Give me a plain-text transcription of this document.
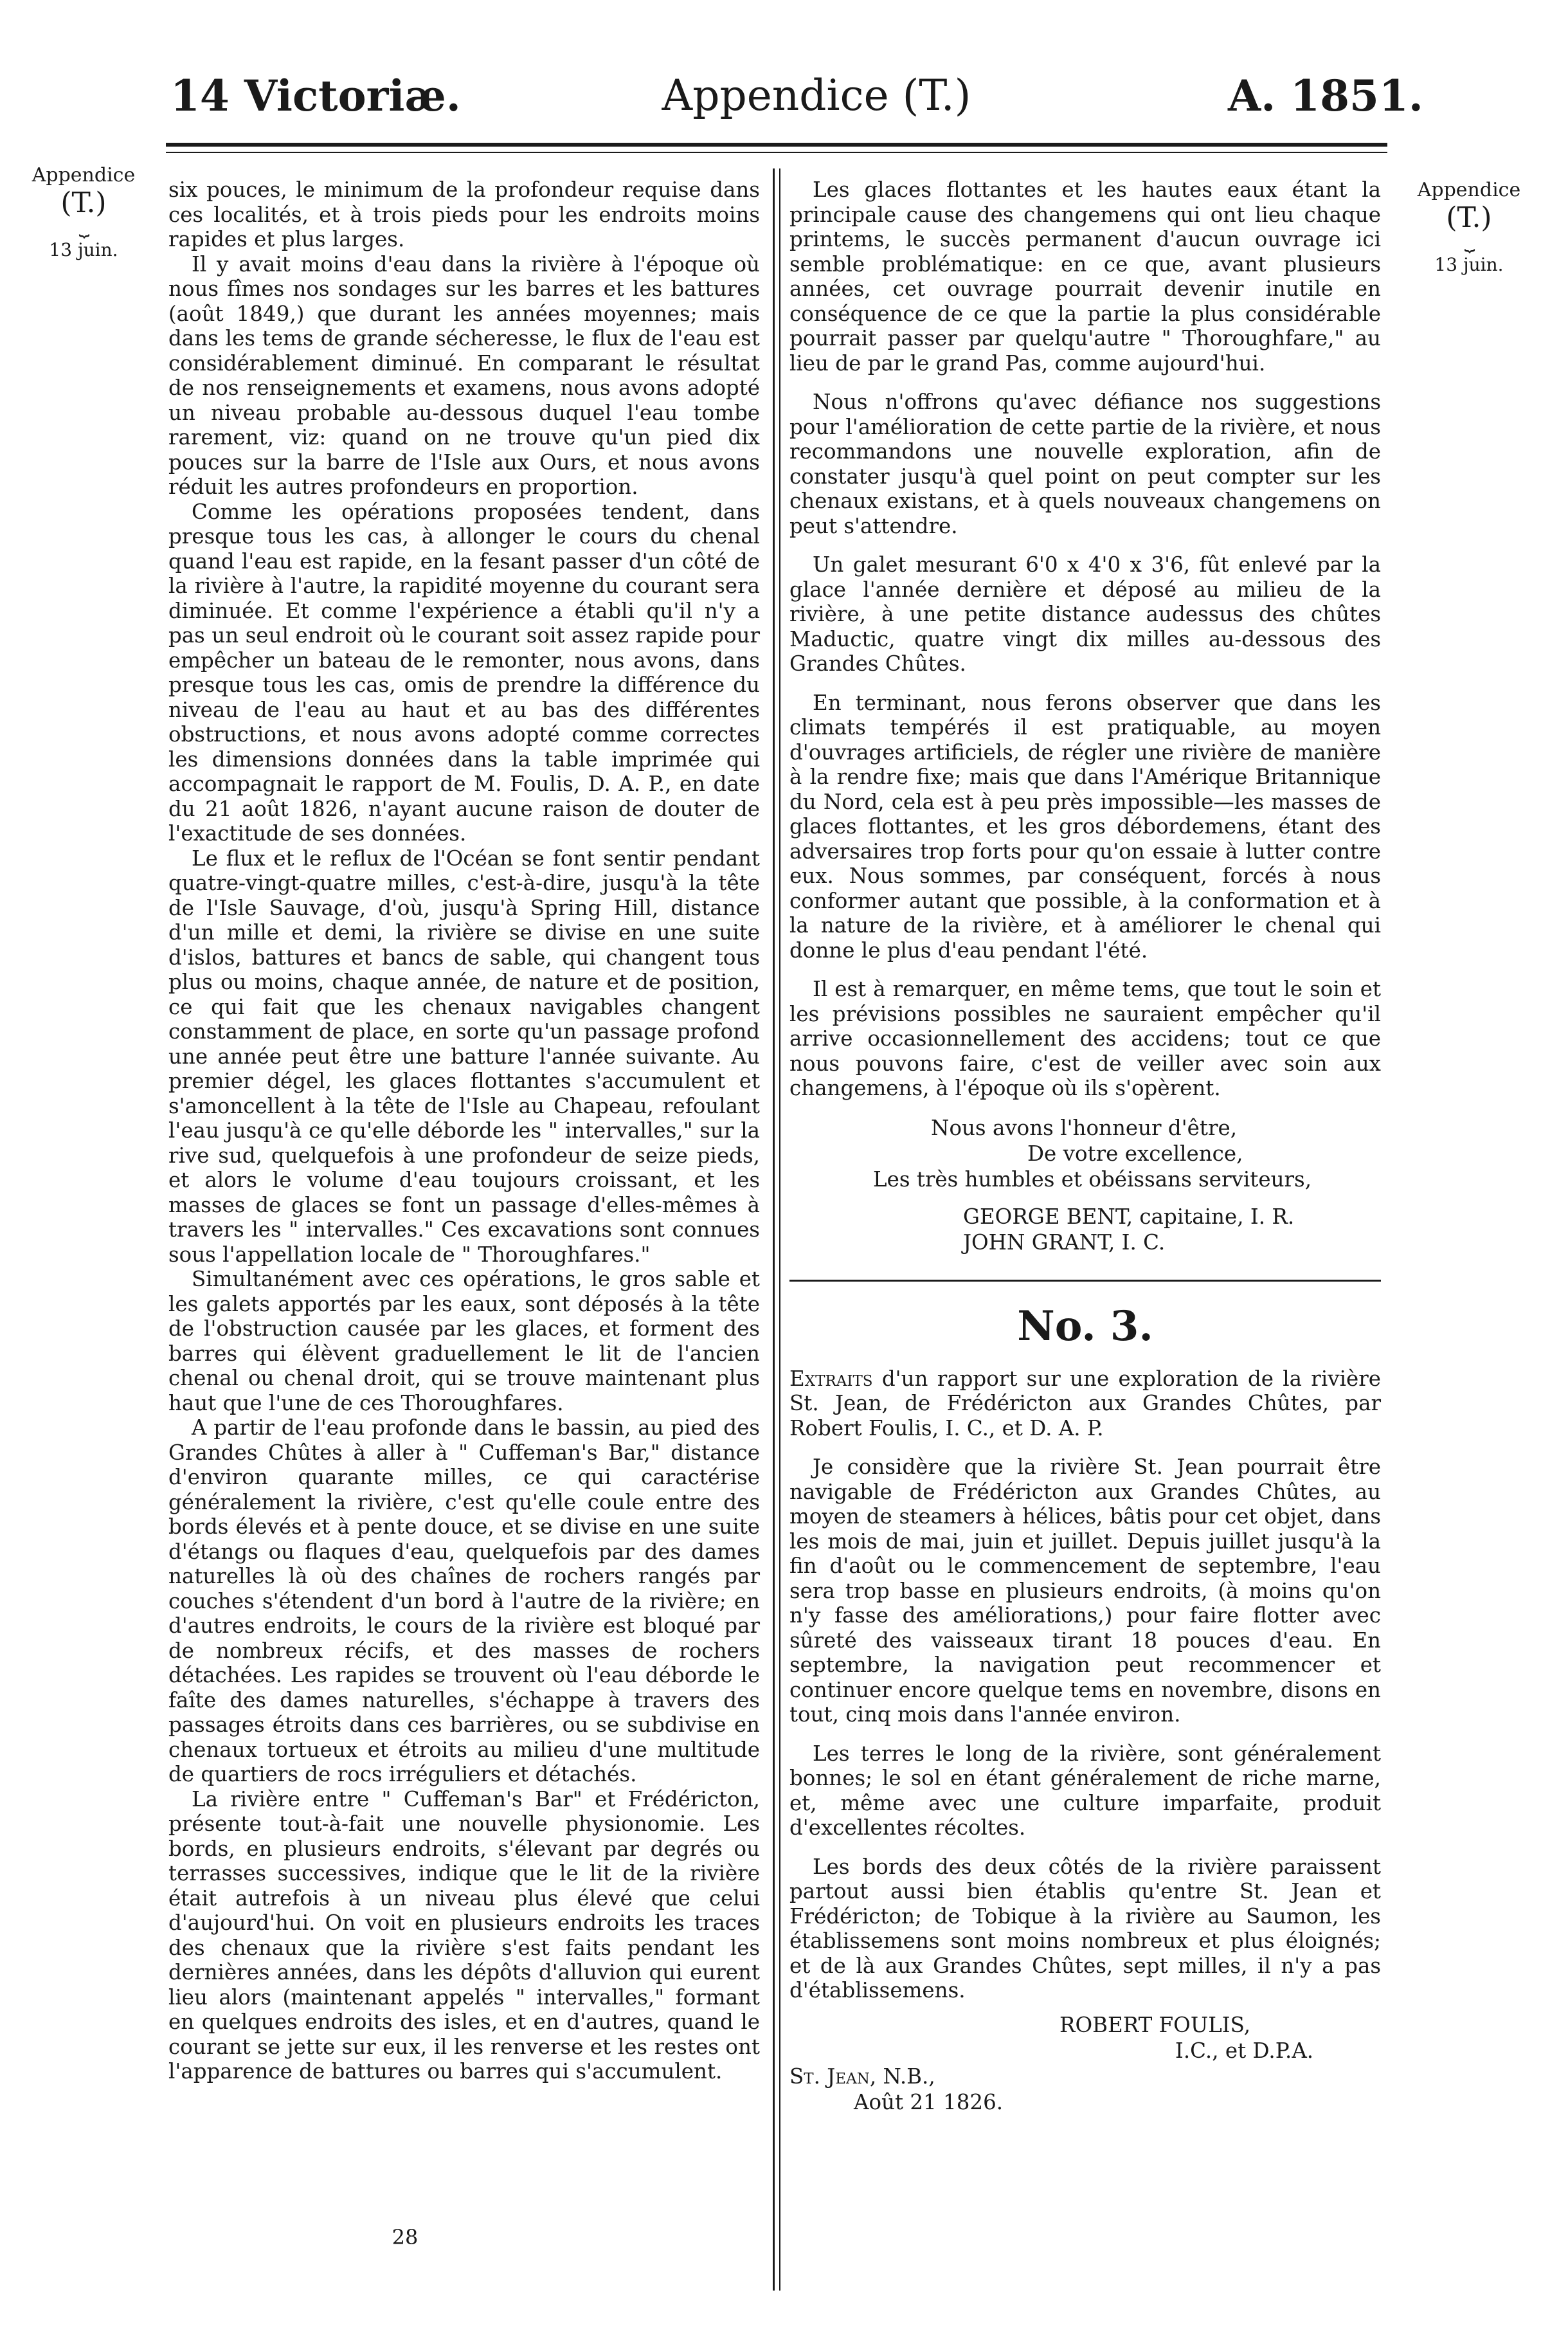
14 Victoriæ.	Appendice (T.)	A. 1851.
Appendice
(T.)
⏟
13 juin.
Appendice
(T.)
⏟
13 juin.

six pouces, le minimum de la profondeur requise dans ces localités, et à trois pieds pour les endroits moins rapides et plus larges.

Il y avait moins d'eau dans la rivière à l'époque où nous fîmes nos sondages sur les barres et les battures (août 1849,) que durant les années moyennes; mais dans les tems de grande sécheresse, le flux de l'eau est considérablement diminué. En comparant le résultat de nos renseignements et examens, nous avons adopté un niveau probable au-dessous duquel l'eau tombe rarement, viz: quand on ne trouve qu'un pied dix pouces sur la barre de l'Isle aux Ours, et nous avons réduit les autres profondeurs en proportion.

Comme les opérations proposées tendent, dans presque tous les cas, à allonger le cours du chenal quand l'eau est rapide, en la fesant passer d'un côté de la rivière à l'autre, la rapidité moyenne du courant sera diminuée. Et comme l'expérience a établi qu'il n'y a pas un seul endroit où le courant soit assez rapide pour empêcher un bateau de le remonter, nous avons, dans presque tous les cas, omis de prendre la différence du niveau de l'eau au haut et au bas des différentes obstructions, et nous avons adopté comme correctes les dimensions données dans la table imprimée qui accompagnait le rapport de M. Foulis, D. A. P., en date du 21 août 1826, n'ayant aucune raison de douter de l'exactitude de ses données.

Le flux et le reflux de l'Océan se font sentir pendant quatre-vingt-quatre milles, c'est-à-dire, jusqu'à la tête de l'Isle Sauvage, d'où, jusqu'à Spring Hill, distance d'un mille et demi, la rivière se divise en une suite d'islos, battures et bancs de sable, qui changent tous plus ou moins, chaque année, de nature et de position, ce qui fait que les chenaux navigables changent constamment de place, en sorte qu'un passage profond une année peut être une batture l'année suivante. Au premier dégel, les glaces flottantes s'accumulent et s'amoncellent à la tête de l'Isle au Chapeau, refoulant l'eau jusqu'à ce qu'elle déborde les " intervalles," sur la rive sud, quelquefois à une profondeur de seize pieds, et alors le volume d'eau toujours croissant, et les masses de glaces se font un passage d'elles-mêmes à travers les " intervalles." Ces excavations sont connues sous l'appellation locale de " Thoroughfares."

Simultanément avec ces opérations, le gros sable et les galets apportés par les eaux, sont déposés à la tête de l'obstruction causée par les glaces, et forment des barres qui élèvent graduellement le lit de l'ancien chenal ou chenal droit, qui se trouve maintenant plus haut que l'une de ces Thoroughfares.

A partir de l'eau profonde dans le bassin, au pied des Grandes Chûtes à aller à " Cuffeman's Bar," distance d'environ quarante milles, ce qui caractérise généralement la rivière, c'est qu'elle coule entre des bords élevés et à pente douce, et se divise en une suite d'étangs ou flaques d'eau, quelquefois par des dames naturelles là où des chaînes de rochers rangés par couches s'étendent d'un bord à l'autre de la rivière; en d'autres endroits, le cours de la rivière est bloqué par de nombreux récifs, et des masses de rochers détachées. Les rapides se trouvent où l'eau déborde le faîte des dames naturelles, s'échappe à travers des passages étroits dans ces barrières, ou se subdivise en chenaux tortueux et étroits au milieu d'une multitude de quartiers de rocs irréguliers et détachés.

La rivière entre " Cuffeman's Bar" et Frédéricton, présente tout-à-fait une nouvelle physionomie. Les bords, en plusieurs endroits, s'élevant par degrés ou terrasses successives, indique que le lit de la rivière était autrefois à un niveau plus élevé que celui d'aujourd'hui. On voit en plusieurs endroits les traces des chenaux que la rivière s'est faits pendant les dernières années, dans les dépôts d'alluvion qui eurent lieu alors (maintenant appelés " intervalles," formant en quelques endroits des isles, et en d'autres, quand le courant se jette sur eux, il les renverse et les restes ont l'apparence de battures ou barres qui s'accumulent.

Les glaces flottantes et les hautes eaux étant la principale cause des changemens qui ont lieu chaque printems, le succès permanent d'aucun ouvrage ici semble problématique: en ce que, avant plusieurs années, cet ouvrage pourrait devenir inutile en conséquence de ce que la partie la plus considérable pourrait passer par quelqu'autre " Thoroughfare," au lieu de par le grand Pas, comme aujourd'hui.

Nous n'offrons qu'avec défiance nos suggestions pour l'amélioration de cette partie de la rivière, et nous recommandons une nouvelle exploration, afin de constater jusqu'à quel point on peut compter sur les chenaux existans, et à quels nouveaux changemens on peut s'attendre.

Un galet mesurant 6'0 x 4'0 x 3'6, fût enlevé par la glace l'année dernière et déposé au milieu de la rivière, à une petite distance audessus des chûtes Maductic, quatre vingt dix milles au-dessous des Grandes Chûtes.

En terminant, nous ferons observer que dans les climats tempérés il est pratiquable, au moyen d'ouvrages artificiels, de régler une rivière de manière à la rendre fixe; mais que dans l'Amérique Britannique du Nord, cela est à peu près impossible—les masses de glaces flottantes, et les gros débordemens, étant des adversaires trop forts pour qu'on essaie à lutter contre eux. Nous sommes, par conséquent, forcés à nous conformer autant que possible, à la conformation et à la nature de la rivière, et à améliorer le chenal qui donne le plus d'eau pendant l'été.

Il est à remarquer, en même tems, que tout le soin et les prévisions possibles ne sauraient empêcher qu'il arrive occasionnellement des accidens; tout ce que nous pouvons faire, c'est de veiller avec soin aux changemens, à l'époque où ils s'opèrent.

Nous avons l'honneur d'être,
De votre excellence,
Les très humbles et obéissans serviteurs,
GEORGE BENT, capitaine, I. R.
JOHN GRANT, I. C.
No. 3.

Extraits d'un rapport sur une exploration de la rivière St. Jean, de Frédéricton aux Grandes Chûtes, par Robert Foulis, I. C., et D. A. P.

Je considère que la rivière St. Jean pourrait être navigable de Frédéricton aux Grandes Chûtes, au moyen de steamers à hélices, bâtis pour cet objet, dans les mois de mai, juin et juillet. Depuis juillet jusqu'à la fin d'août ou le commencement de septembre, l'eau sera trop basse en plusieurs endroits, (à moins qu'on n'y fasse des améliorations,) pour faire flotter avec sûreté des vaisseaux tirant 18 pouces d'eau. En septembre, la navigation peut recommencer et continuer encore quelque tems en novembre, disons en tout, cinq mois dans l'année environ.

Les terres le long de la rivière, sont généralement bonnes; le sol en étant généralement de riche marne, et, même avec une culture imparfaite, produit d'excellentes récoltes.

Les bords des deux côtés de la rivière paraissent partout aussi bien établis qu'entre St. Jean et Frédéricton; de Tobique à la rivière au Saumon, les établissemens sont moins nombreux et plus éloignés; et de là aux Grandes Chûtes, sept milles, il n'y a pas d'établissemens.

ROBERT FOULIS,
I.C., et D.P.A.
St. Jean, N.B.,
Août 21 1826.
28
